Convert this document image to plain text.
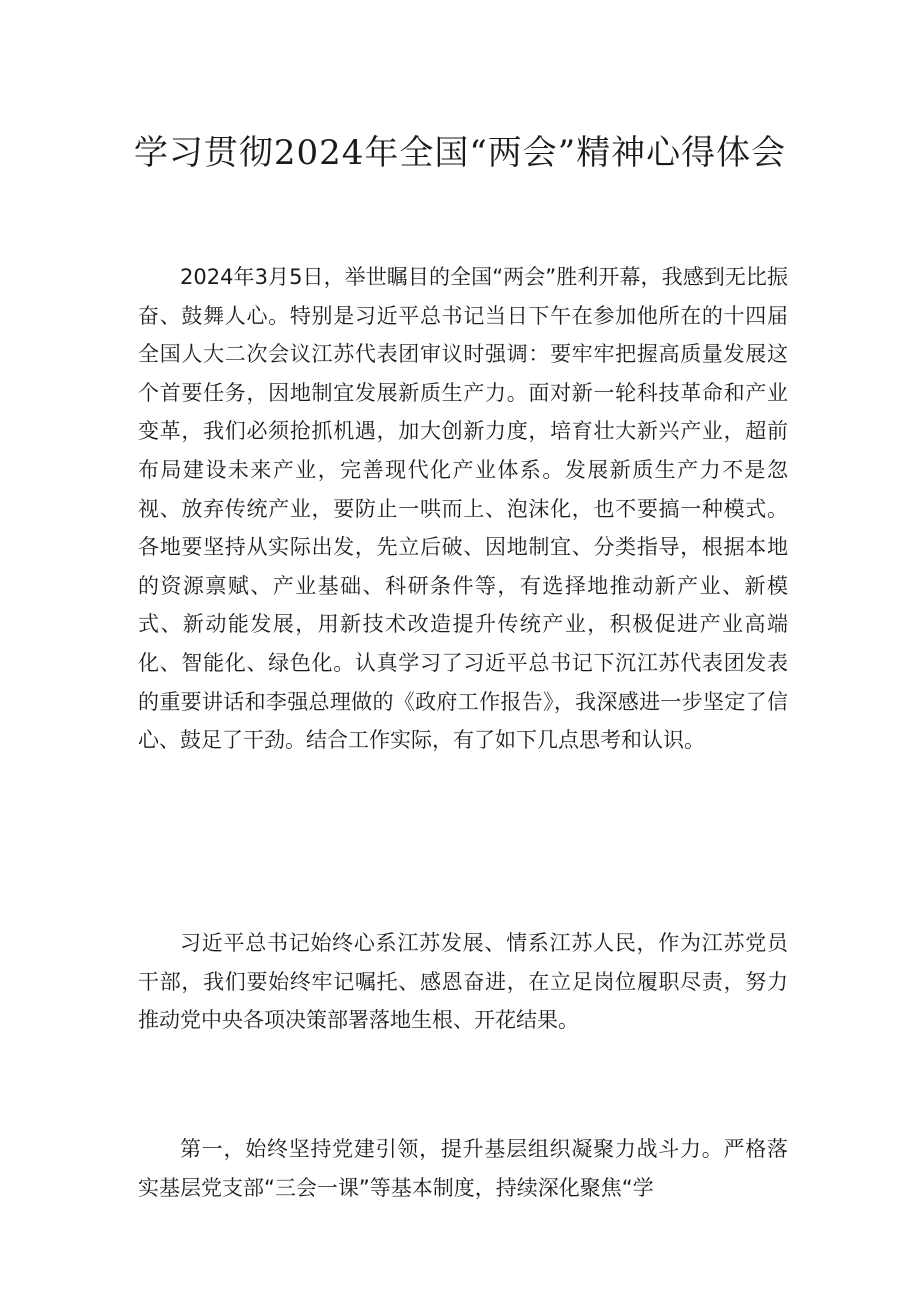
学习贯彻2024年全国“两会”精神心得体会

2024年3月5日，举世瞩目的全国“两会”胜利开幕，我感到无比振奋、鼓舞人心。特别是习近平总书记当日下午在参加他所在的十四届全国人大二次会议江苏代表团审议时强调：要牢牢把握高质量发展这个首要任务，因地制宜发展新质生产力。面对新一轮科技革命和产业变革，我们必须抢抓机遇，加大创新力度，培育壮大新兴产业，超前布局建设未来产业，完善现代化产业体系。发展新质生产力不是忽视、放弃传统产业，要防止一哄而上、泡沫化，也不要搞一种模式。各地要坚持从实际出发，先立后破、因地制宜、分类指导，根据本地的资源禀赋、产业基础、科研条件等，有选择地推动新产业、新模式、新动能发展，用新技术改造提升传统产业，积极促进产业高端化、智能化、绿色化。认真学习了习近平总书记下沉江苏代表团发表的重要讲话和李强总理做的《政府工作报告》，我深感进一步坚定了信心、鼓足了干劲。结合工作实际，有了如下几点思考和认识。

习近平总书记始终心系江苏发展、情系江苏人民，作为江苏党员干部，我们要始终牢记嘱托、感恩奋进，在立足岗位履职尽责，努力推动党中央各项决策部署落地生根、开花结果。

第一，始终坚持党建引领，提升基层组织凝聚力战斗力。严格落实基层党支部“三会一课”等基本制度，持续深化聚焦“学
